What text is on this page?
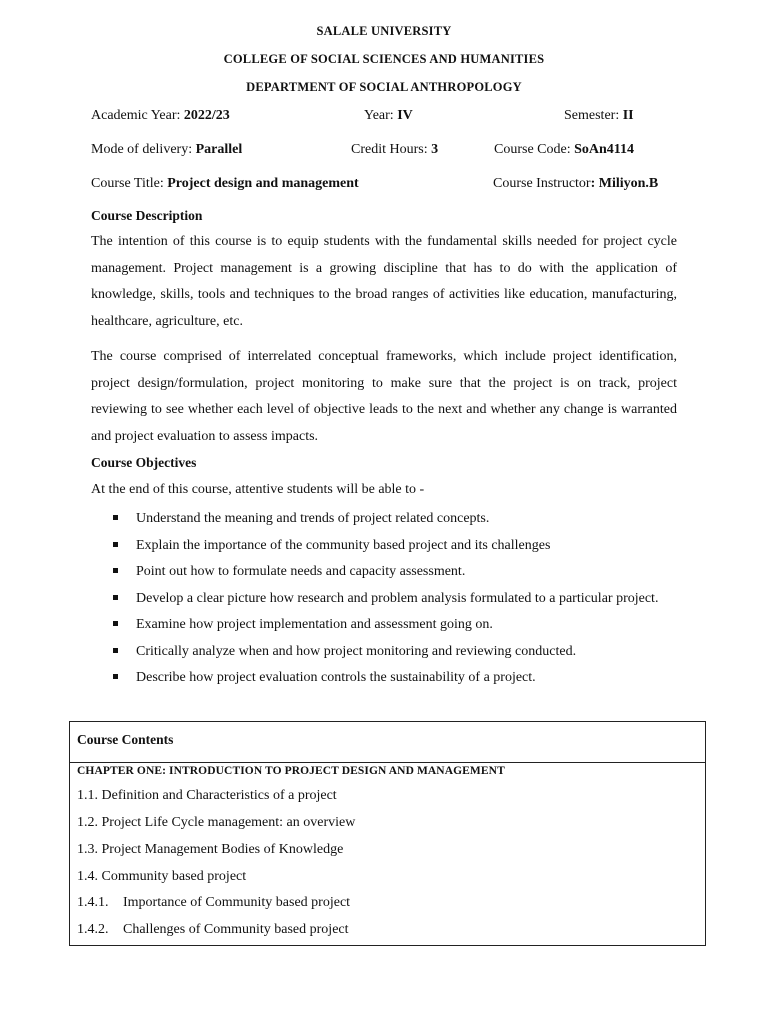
SALALE UNIVERSITY
COLLEGE OF SOCIAL SCIENCES AND HUMANITIES
DEPARTMENT OF SOCIAL ANTHROPOLOGY
Academic Year: 2022/23	Year: IV	Semester: II
Mode of delivery: Parallel	Credit Hours: 3	Course Code: SoAn4114
Course Title: Project design and management	Course Instructor: Miliyon.B
Course Description

The intention of this course is to equip students with the fundamental skills needed for project cycle management. Project management is a growing discipline that has to do with the application of knowledge, skills, tools and techniques to the broad ranges of activities like education, manufacturing, healthcare, agriculture, etc.

The course comprised of interrelated conceptual frameworks, which include project identification, project design/formulation, project monitoring to make sure that the project is on track, project reviewing to see whether each level of objective leads to the next and whether any change is warranted and project evaluation to assess impacts.

Course Objectives
At the end of this course, attentive students will be able to -
Understand the meaning and trends of project related concepts.
Explain the importance of the community based project and its challenges
Point out how to formulate needs and capacity assessment.
Develop a clear picture how research and problem analysis formulated to a particular project.
Examine how project implementation and assessment going on.
Critically analyze when and how project monitoring and reviewing conducted.
Describe how project evaluation controls the sustainability of a project.
Course Contents
CHAPTER ONE: INTRODUCTION TO PROJECT DESIGN AND MANAGEMENT
1.1. Definition and Characteristics of a project
1.2. Project Life Cycle management: an overview
1.3. Project Management Bodies of Knowledge
1.4. Community based project
1.4.1. Importance of Community based project
1.4.2. Challenges of Community based project
